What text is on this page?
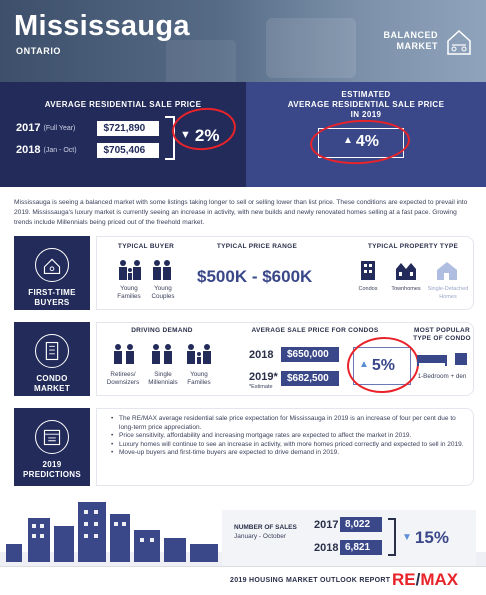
Mississauga
ONTARIO
BALANCED
MARKET
AVERAGE RESIDENTIAL SALE PRICE
2017 (Full Year)	$721,890
2018 (Jan - Oct)	$705,406
▼ 2%
ESTIMATED
AVERAGE RESIDENTIAL SALE PRICE
IN 2019
▲ 4%
Mississauga is seeing a balanced market with some listings taking longer to sell or selling lower than list price. These conditions are expected to prevail into 2019. Mississauga's luxury market is currently seeing an increase in activity, with new builds and newly renovated homes selling at a fast pace. Growing trends include Millennials being priced out of the freehold market.
FIRST-TIME
BUYERS
TYPICAL BUYER
Young
Families
Young
Couples
TYPICAL PRICE RANGE
$500K - $600K
TYPICAL PROPERTY TYPE
Condos	Townhomes	Single-Detached
Homes
CONDO
MARKET
DRIVING DEMAND
Retirees/
Downsizers
Single
Millennials
Young
Families
AVERAGE SALE PRICE FOR CONDOS
2018	$650,000
2019*
*Estimate
$682,500
▲ 5%
MOST POPULAR
TYPE OF CONDO
1-Bedroom + den
2019
PREDICTIONS
• The RE/MAX average residential sale price expectation for Mississauga in 2019 is an increase of four per cent due to long-term price appreciation.
• Price sensitivity, affordability and increasing mortgage rates are expected to affect the market in 2019.
• Luxury homes will continue to see an increase in activity, with more homes priced correctly and expected to sell in 2019.
• Move-up buyers and first-time buyers are expected to drive demand in 2019.
NUMBER OF SALES
January - October
2017 8,022
2018 6,821
▼ 15%
2019 HOUSING MARKET OUTLOOK REPORT RE/MAX
